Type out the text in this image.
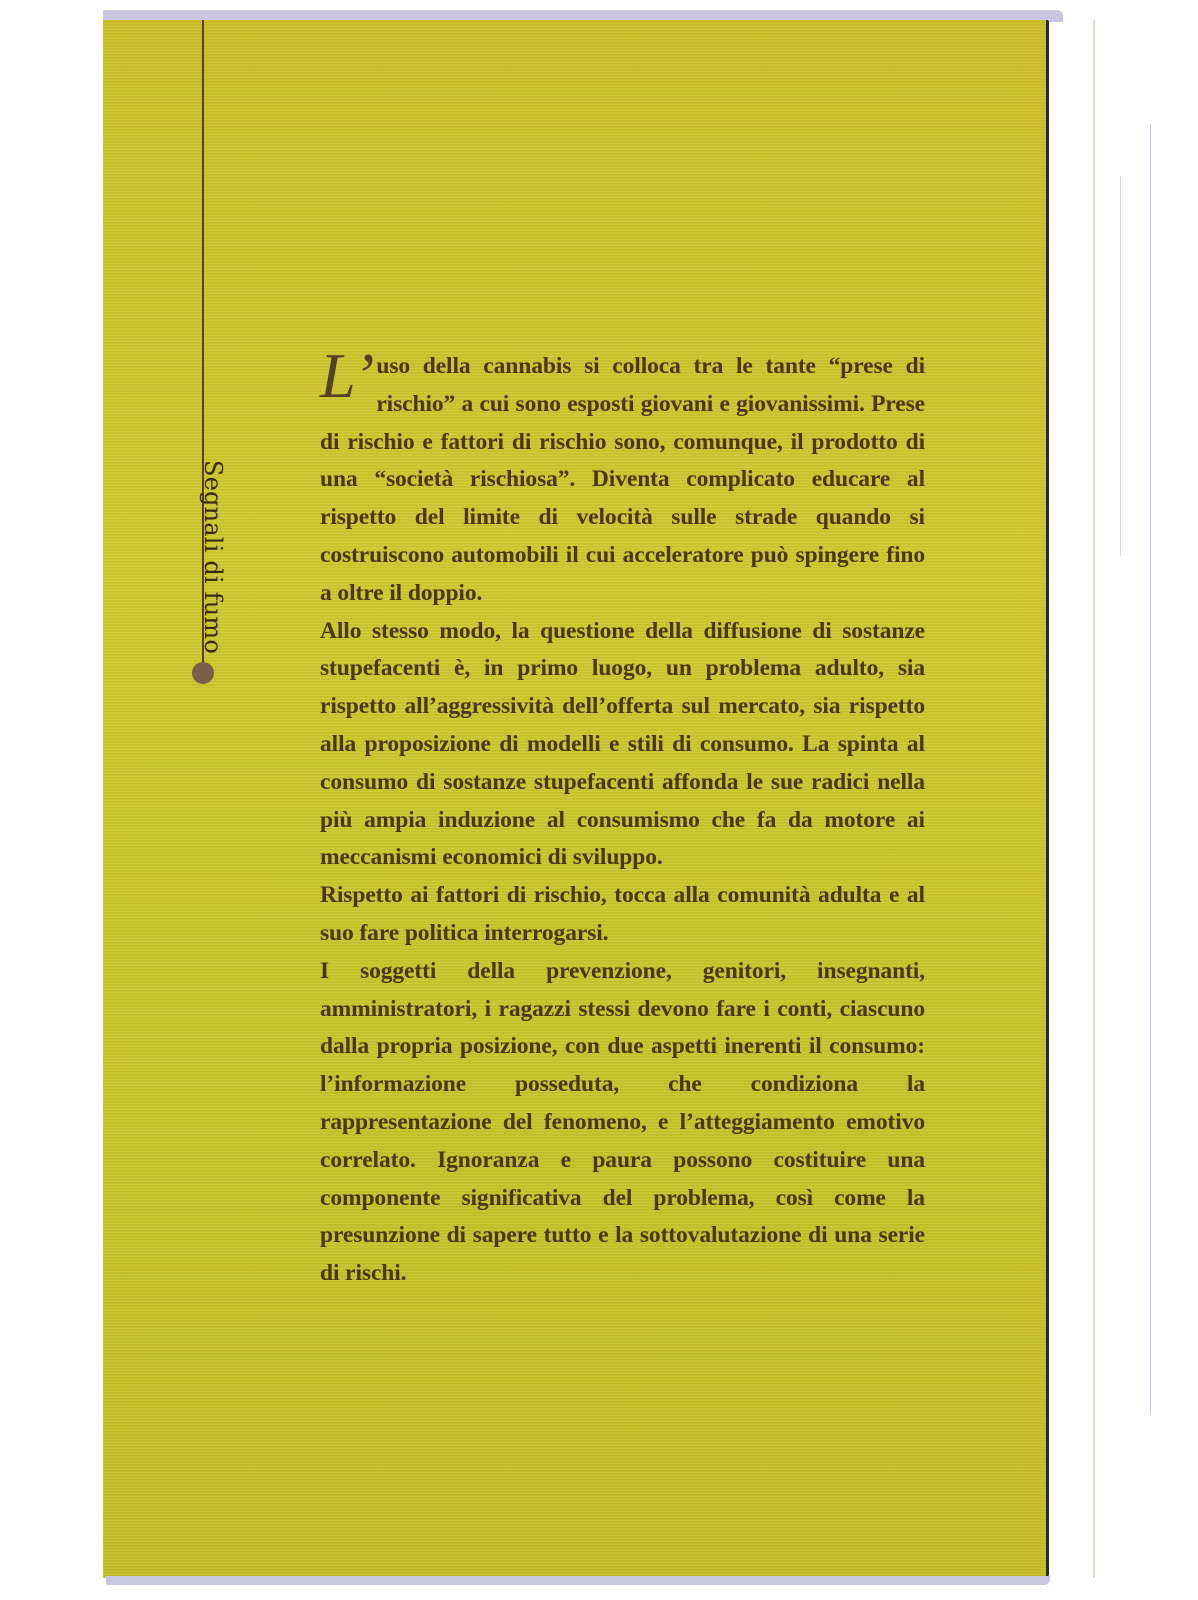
Segnali di fumo

L’ uso della cannabis si colloca tra le tante “prese di rischio” a cui sono esposti giovani e giovanissimi. Prese di rischio e fattori di rischio sono, comunque, il prodotto di una “società rischiosa”. Diventa complicato educare al rispetto del limite di velocità sulle strade quando si costruiscono automobili il cui acceleratore può spingere fino a oltre il doppio.

Allo stesso modo, la questione della diffusione di sostanze stupefacenti è, in primo luogo, un problema adulto, sia rispetto all’aggressività dell’offerta sul mercato, sia rispetto alla proposizione di modelli e stili di consumo. La spinta al consumo di sostanze stupefacenti affonda le sue radici nella più ampia induzione al consumismo che fa da motore ai meccanismi economici di sviluppo.

Rispetto ai fattori di rischio, tocca alla comunità adulta e al suo fare politica interrogarsi.

I soggetti della prevenzione, genitori, insegnanti, amministratori, i ragazzi stessi devono fare i conti, ciascuno dalla propria posizione, con due aspetti inerenti il consumo: l’informazione posseduta, che condiziona la rappresentazione del fenomeno, e l’atteggiamento emotivo correlato. Ignoranza e paura possono costituire una componente significativa del problema, così come la presunzione di sapere tutto e la sottovalutazione di una serie di rischi.
